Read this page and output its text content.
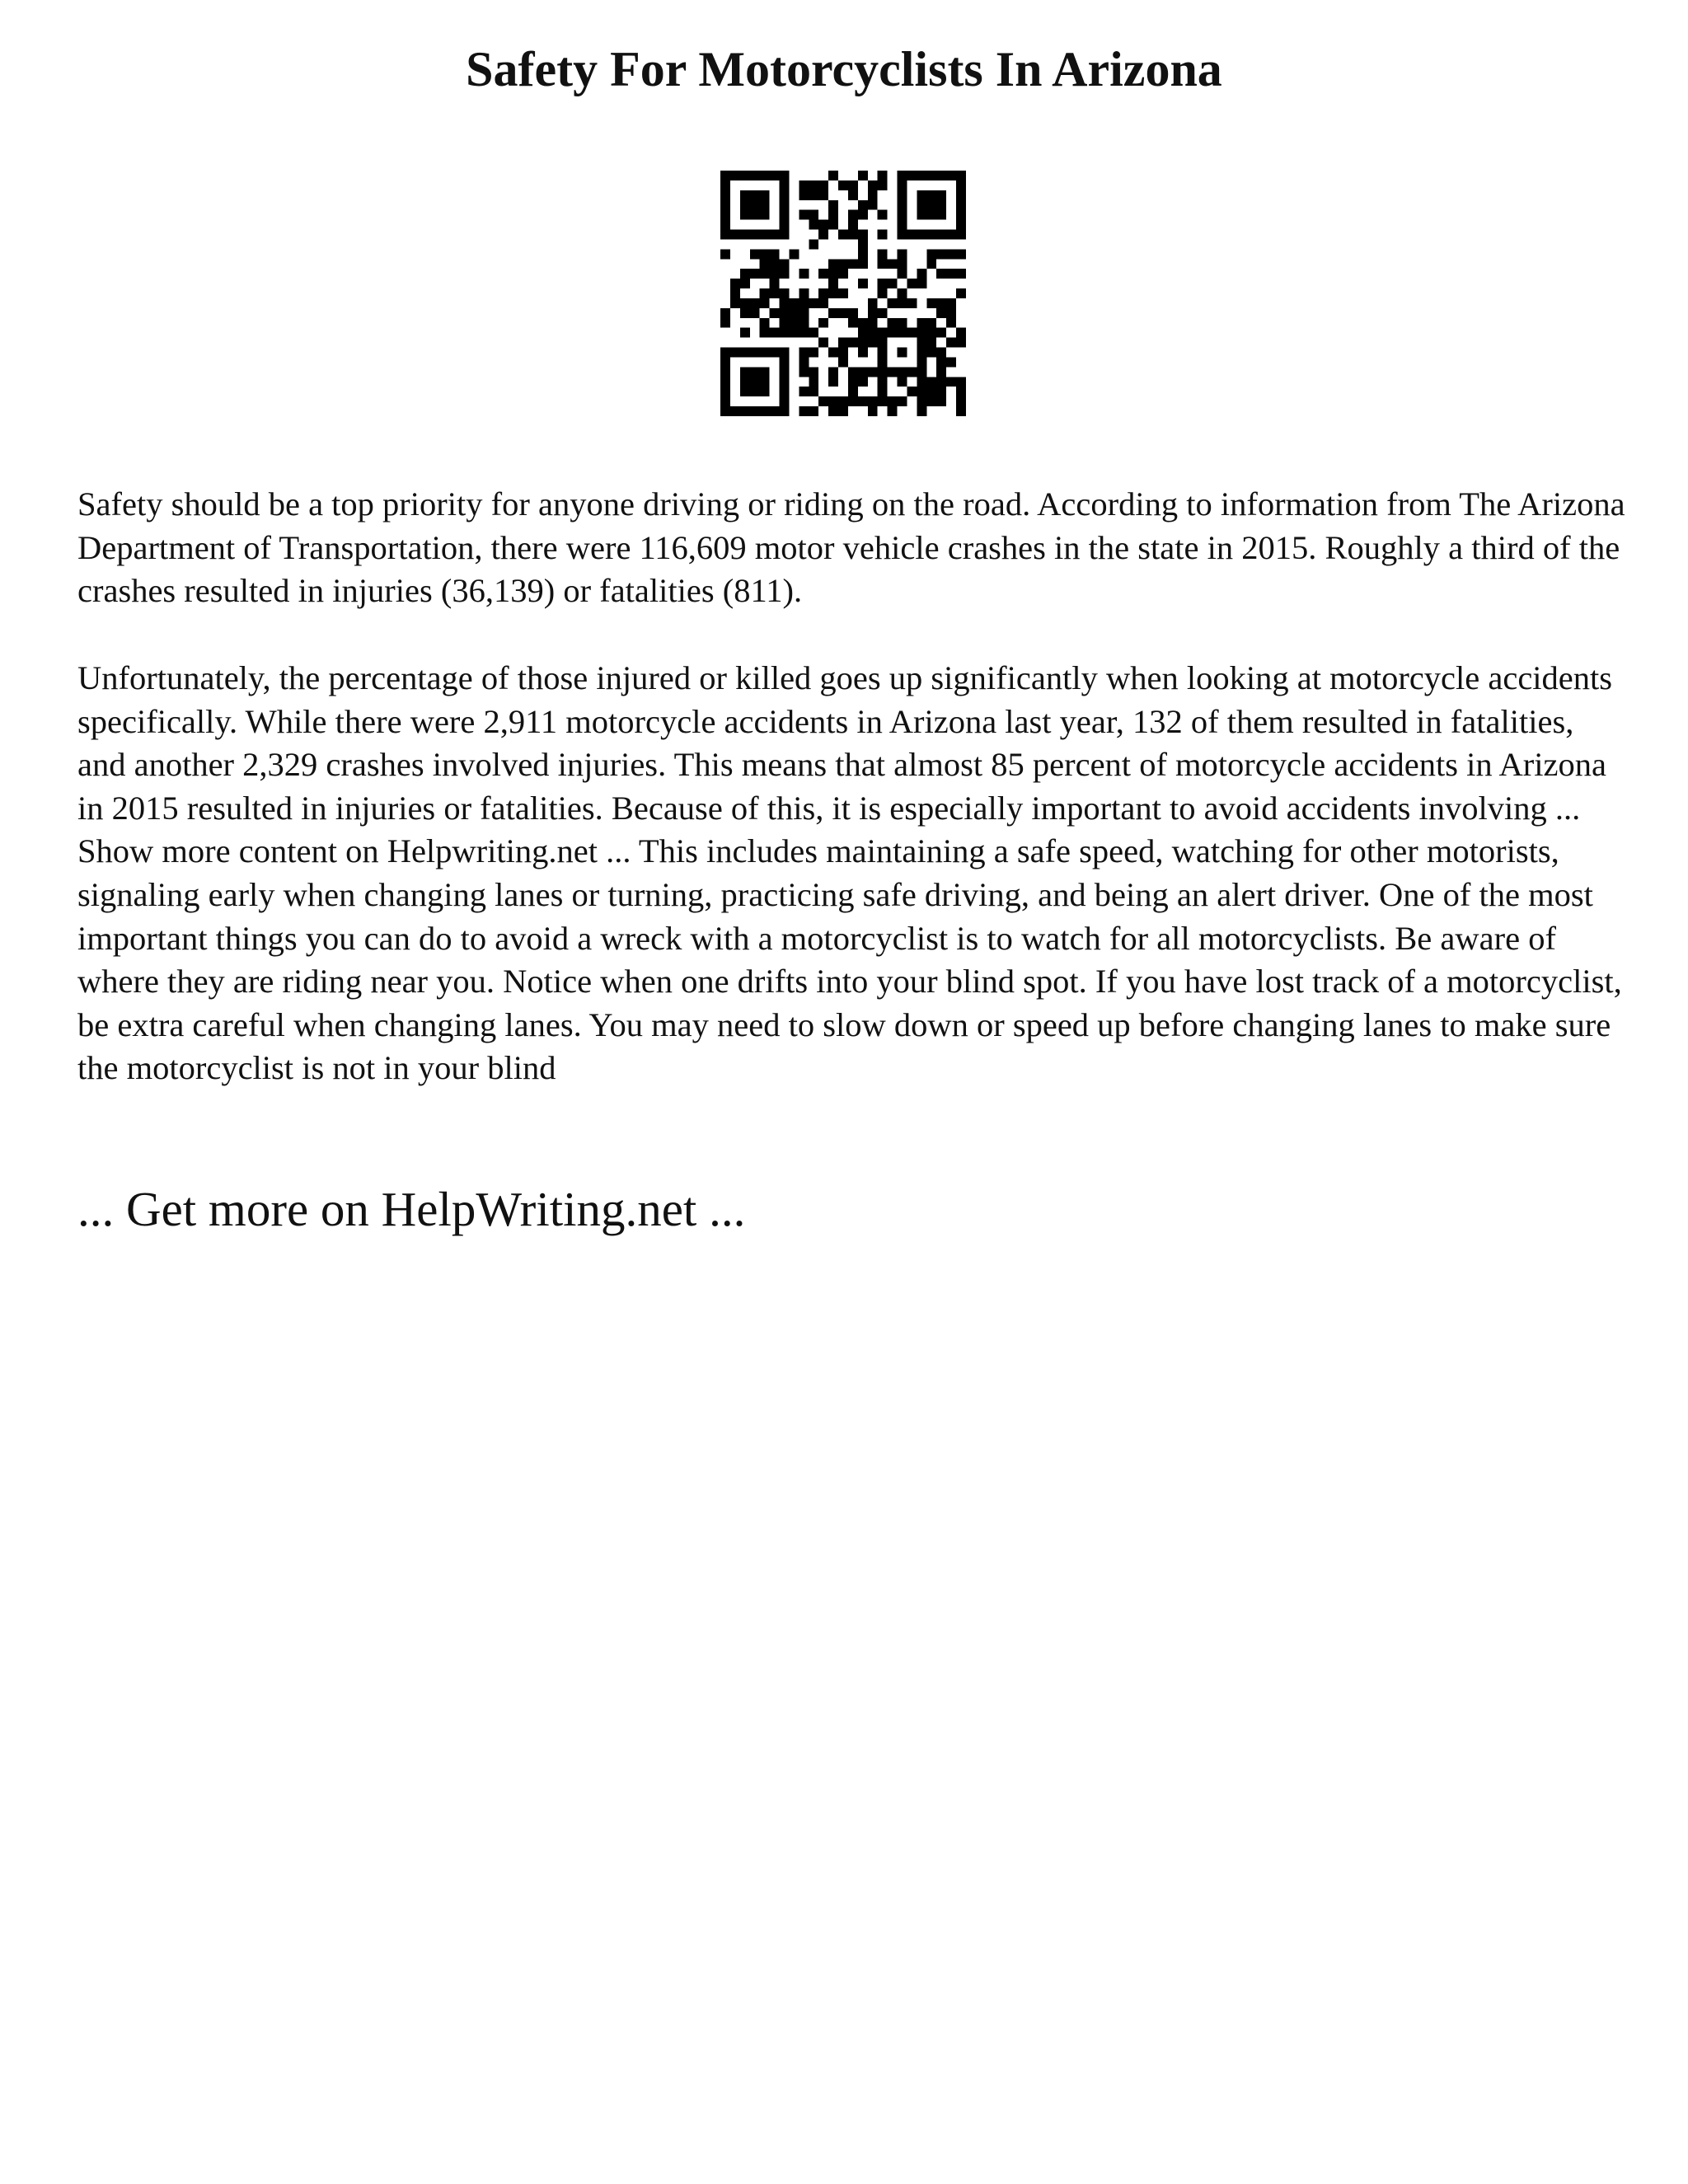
Safety For Motorcyclists In Arizona

Safety should be a top priority for anyone driving or riding on the road. According to information from The Arizona Department of Transportation, there were 116,609 motor vehicle crashes in the state in 2015. Roughly a third of the crashes resulted in injuries (36,139) or fatalities (811).

Unfortunately, the percentage of those injured or killed goes up significantly when looking at motorcycle accidents specifically. While there were 2,911 motorcycle accidents in Arizona last year, 132 of them resulted in fatalities, and another 2,329 crashes involved injuries. This means that almost 85 percent of motorcycle accidents in Arizona in 2015 resulted in injuries or fatalities. Because of this, it is especially important to avoid accidents involving ... Show more content on Helpwriting.net ... This includes maintaining a safe speed, watching for other motorists, signaling early when changing lanes or turning, practicing safe driving, and being an alert driver. One of the most important things you can do to avoid a wreck with a motorcyclist is to watch for all motorcyclists. Be aware of where they are riding near you. Notice when one drifts into your blind spot. If you have lost track of a motorcyclist, be extra careful when changing lanes. You may need to slow down or speed up before changing lanes to make sure the motorcyclist is not in your blind

... Get more on HelpWriting.net ...
